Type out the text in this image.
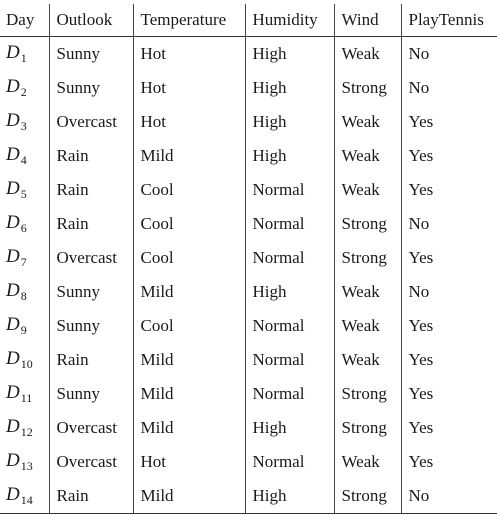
Day	Outlook	Temperature	Humidity	Wind	PlayTennis
$D_1$	Sunny	Hot	High	Weak	No
$D_2$	Sunny	Hot	High	Strong	No
$D_3$	Overcast	Hot	High	Weak	Yes
$D_4$	Rain	Mild	High	Weak	Yes
$D_5$	Rain	Cool	Normal	Weak	Yes
$D_6$	Rain	Cool	Normal	Strong	No
$D_7$	Overcast	Cool	Normal	Strong	Yes
$D_8$	Sunny	Mild	High	Weak	No
$D_9$	Sunny	Cool	Normal	Weak	Yes
$D_{10}$	Rain	Mild	Normal	Weak	Yes
$D_{11}$	Sunny	Mild	Normal	Strong	Yes
$D_{12}$	Overcast	Mild	High	Strong	Yes
$D_{13}$	Overcast	Hot	Normal	Weak	Yes
$D_{14}$	Rain	Mild	High	Strong	No
